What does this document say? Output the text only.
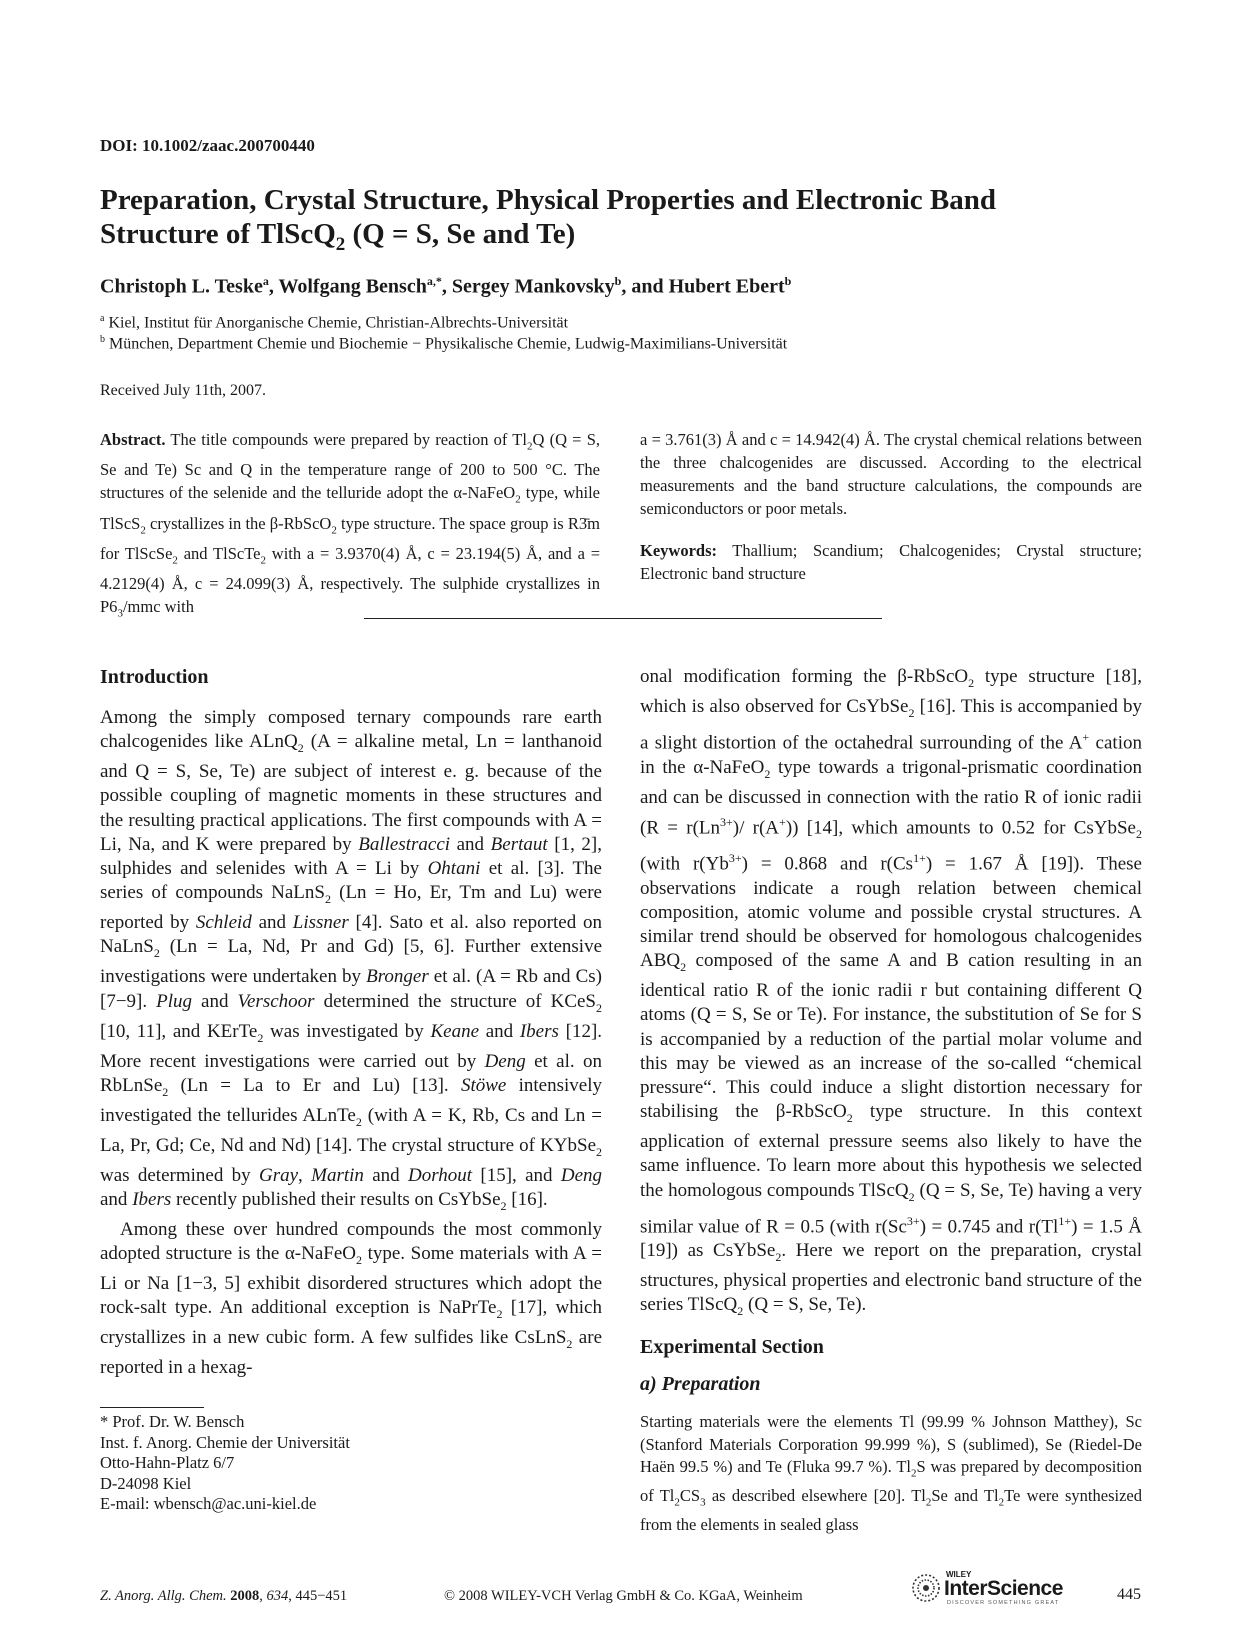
DOI: 10.1002/zaac.200700440
Preparation, Crystal Structure, Physical Properties and Electronic Band
Structure of TlScQ$_2$ (Q = S, Se and Te)
Christoph L. Teske$^a$, Wolfgang Bensch$^{a,*}$, Sergey Mankovsky$^b$, and Hubert Ebert$^b$
$^a$ Kiel, Institut für Anorganische Chemie, Christian-Albrechts-Universität
$^b$ München, Department Chemie und Biochemie − Physikalische Chemie, Ludwig-Maximilians-Universität
Received July 11th, 2007.
Abstract. The title compounds were prepared by reaction of $Tl_2Q$ (Q = S, Se and Te) Sc and Q in the temperature range of 200 to 500 °C. The structures of the selenide and the telluride adopt the α-NaFeO$_2$ type, while TlScS$_2$ crystallizes in the β-RbScO$_2$ type structure. The space group is R3̄m for TlScSe$_2$ and TlScTe$_2$ with a = 3.9370(4) Å, c = 23.194(5) Å, and a = 4.2129(4) Å, c = 24.099(3) Å, respectively. The sulphide crystallizes in $P6_3$/mmc with
a = 3.761(3) Å and c = 14.942(4) Å. The crystal chemical relations between the three chalcogenides are discussed. According to the electrical measurements and the band structure calculations, the compounds are semiconductors or poor metals.
Keywords: Thallium; Scandium; Chalcogenides; Crystal structure; Electronic band structure
Introduction

Among the simply composed ternary compounds rare earth chalcogenides like ALnQ$_2$ (A = alkaline metal, Ln = lanthanoid and Q = S, Se, Te) are subject of interest e. g. because of the possible coupling of magnetic moments in these structures and the resulting practical applications. The first compounds with A = Li, Na, and K were prepared by Ballestracci and Bertaut [1, 2], sulphides and selenides with A = Li by Ohtani et al. [3]. The series of compounds NaLnS$_2$ (Ln = Ho, Er, Tm and Lu) were reported by Schleid and Lissner [4]. Sato et al. also reported on NaLnS$_2$ (Ln = La, Nd, Pr and Gd) [5, 6]. Further extensive investigations were undertaken by Bronger et al. (A = Rb and Cs) [7−9]. Plug and Verschoor determined the structure of KCeS$_2$ [10, 11], and KErTe$_2$ was investigated by Keane and Ibers [12]. More recent investigations were carried out by Deng et al. on RbLnSe$_2$ (Ln = La to Er and Lu) [13]. Stöwe intensively investigated the tellurides ALnTe$_2$ (with A = K, Rb, Cs and Ln = La, Pr, Gd; Ce, Nd and Nd) [14]. The crystal structure of KYbSe$_2$ was determined by Gray, Martin and Dorhout [15], and Deng and Ibers recently published their results on CsYbSe$_2$ [16].

Among these over hundred compounds the most commonly adopted structure is the α-NaFeO$_2$ type. Some materials with A = Li or Na [1−3, 5] exhibit disordered structures which adopt the rock-salt type. An additional exception is NaPrTe$_2$ [17], which crystallizes in a new cubic form. A few sulfides like CsLnS$_2$ are reported in a hexag-

onal modification forming the β-RbScO$_2$ type structure [18], which is also observed for CsYbSe$_2$ [16]. This is accompanied by a slight distortion of the octahedral surrounding of the A+ cation in the α-NaFeO$_2$ type towards a trigonal-prismatic coordination and can be discussed in connection with the ratio R of ionic radii ($R = r(Ln^{3+})/$ r(A+)) [14], which amounts to 0.52 for CsYbSe$_2$ (with $r(Yb^{3+}) = 0.868$ and $r(Cs^{1+}) = 1.67$ Å [19]). These observations indicate a rough relation between chemical composition, atomic volume and possible crystal structures. A similar trend should be observed for homologous chalcogenides $ABQ_2$ composed of the same A and B cation resulting in an identical ratio R of the ionic radii r but containing different Q atoms (Q = S, Se or Te). For instance, the substitution of Se for S is accompanied by a reduction of the partial molar volume and this may be viewed as an increase of the so-called “chemical pressure“. This could induce a slight distortion necessary for stabilising the β-RbScO$_2$ type structure. In this context application of external pressure seems also likely to have the same influence. To learn more about this hypothesis we selected the homologous compounds TlScQ$_2$ (Q = S, Se, Te) having a very similar value of R = 0.5 (with $r(Sc^{3+}) = 0.745$ and $r(Tl^{1+}) = 1.5$ Å [19]) as CsYbSe$_2$. Here we report on the preparation, crystal structures, physical properties and electronic band structure of the series TlScQ$_2$ (Q = S, Se, Te).

Experimental Section
a) Preparation
Starting materials were the elements Tl (99.99 % Johnson Matthey), Sc (Stanford Materials Corporation 99.999 %), S (sublimed), Se (Riedel-De Haën 99.5 %) and Te (Fluka 99.7 %). $Tl_2S$ was prepared by decomposition of $Tl_2CS_3$ as described elsewhere [20]. $Tl_2Se$ and $Tl_2Te$ were synthesized from the elements in sealed glass
* Prof. Dr. W. Bensch
Inst. f. Anorg. Chemie der Universität
Otto-Hahn-Platz 6/7
D-24098 Kiel
E-mail: wbensch@ac.uni-kiel.de
Z. Anorg. Allg. Chem. 2008, 634, 445−451	© 2008 WILEY-VCH Verlag GmbH & Co. KGaA, Weinheim
WILEY
InterScience
DISCOVER SOMETHING GREAT	445
